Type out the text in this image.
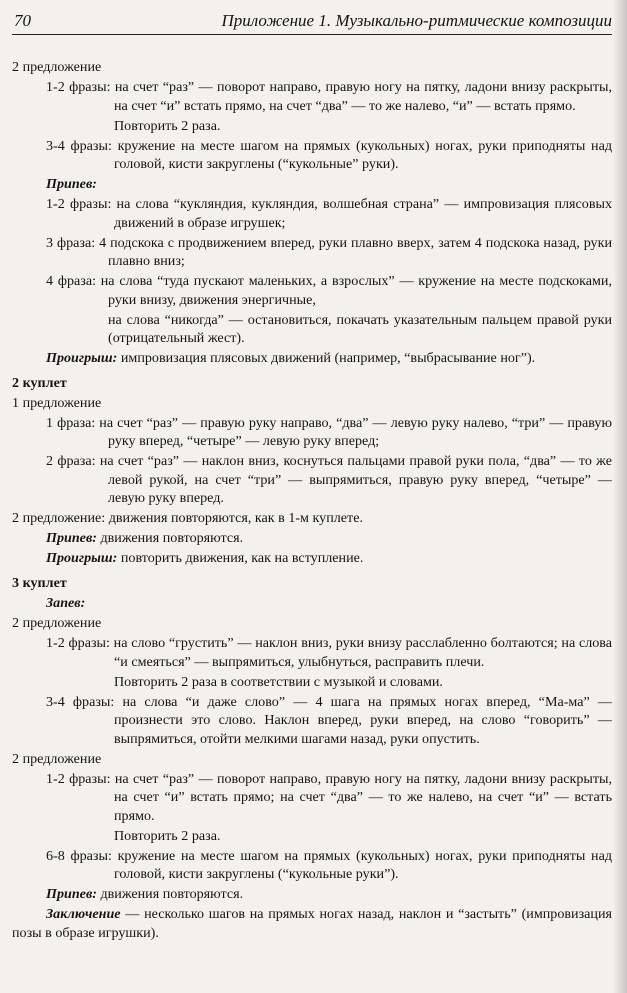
70	Приложение 1. Музыкально-ритмические композиции

2 предложение

1-2 фразы: на счет “раз” — поворот направо, правую ногу на пятку, ладони внизу раскрыты, на счет “и” встать прямо, на счет “два” — то же налево, “и” — встать прямо.

Повторить 2 раза.

3-4 фразы: кружение на месте шагом на прямых (кукольных) ногах, руки приподняты над головой, кисти закруглены (“кукольные” руки).

Припев:

1-2 фразы: на слова “кукляндия, кукляндия, волшебная страна” — импровизация плясовых движений в образе игрушек;

3 фраза: 4 подскока с продвижением вперед, руки плавно вверх, затем 4 подскока назад, руки плавно вниз;

4 фраза: на слова “туда пускают маленьких, а взрослых” — кружение на месте подскоками, руки внизу, движения энергичные,

на слова “никогда” — остановиться, покачать указательным пальцем правой руки (отрицательный жест).

Проигрыш: импровизация плясовых движений (например, “выбрасывание ног”).

2 куплет

1 предложение

1 фраза: на счет “раз” — правую руку направо, “два” — левую руку налево, “три” — правую руку вперед, “четыре” — левую руку вперед;

2 фраза: на счет “раз” — наклон вниз, коснуться пальцами правой руки пола, “два” — то же левой рукой, на счет “три” — выпрямиться, правую руку вперед, “четыре” — левую руку вперед.

2 предложение: движения повторяются, как в 1-м куплете.

Припев: движения повторяются.

Проигрыш: повторить движения, как на вступление.

3 куплет

Запев:

2 предложение

1-2 фразы: на слово “грустить” — наклон вниз, руки внизу расслабленно болтаются; на слова “и смеяться” — выпрямиться, улыбнуться, расправить плечи.

Повторить 2 раза в соответствии с музыкой и словами.

3-4 фразы: на слова “и даже слово” — 4 шага на прямых ногах вперед, “Ма-ма” — произнести это слово. Наклон вперед, руки вперед, на слово “говорить” — выпрямиться, отойти мелкими шагами назад, руки опустить.

2 предложение

1-2 фразы: на счет “раз” — поворот направо, правую ногу на пятку, ладони внизу раскрыты, на счет “и” встать прямо; на счет “два” — то же налево, на счет “и” — встать прямо.

Повторить 2 раза.

6-8 фразы: кружение на месте шагом на прямых (кукольных) ногах, руки приподняты над головой, кисти закруглены (“кукольные руки”).

Припев: движения повторяются.

Заключение — несколько шагов на прямых ногах назад, наклон и “застыть” (импровизация позы в образе игрушки).
